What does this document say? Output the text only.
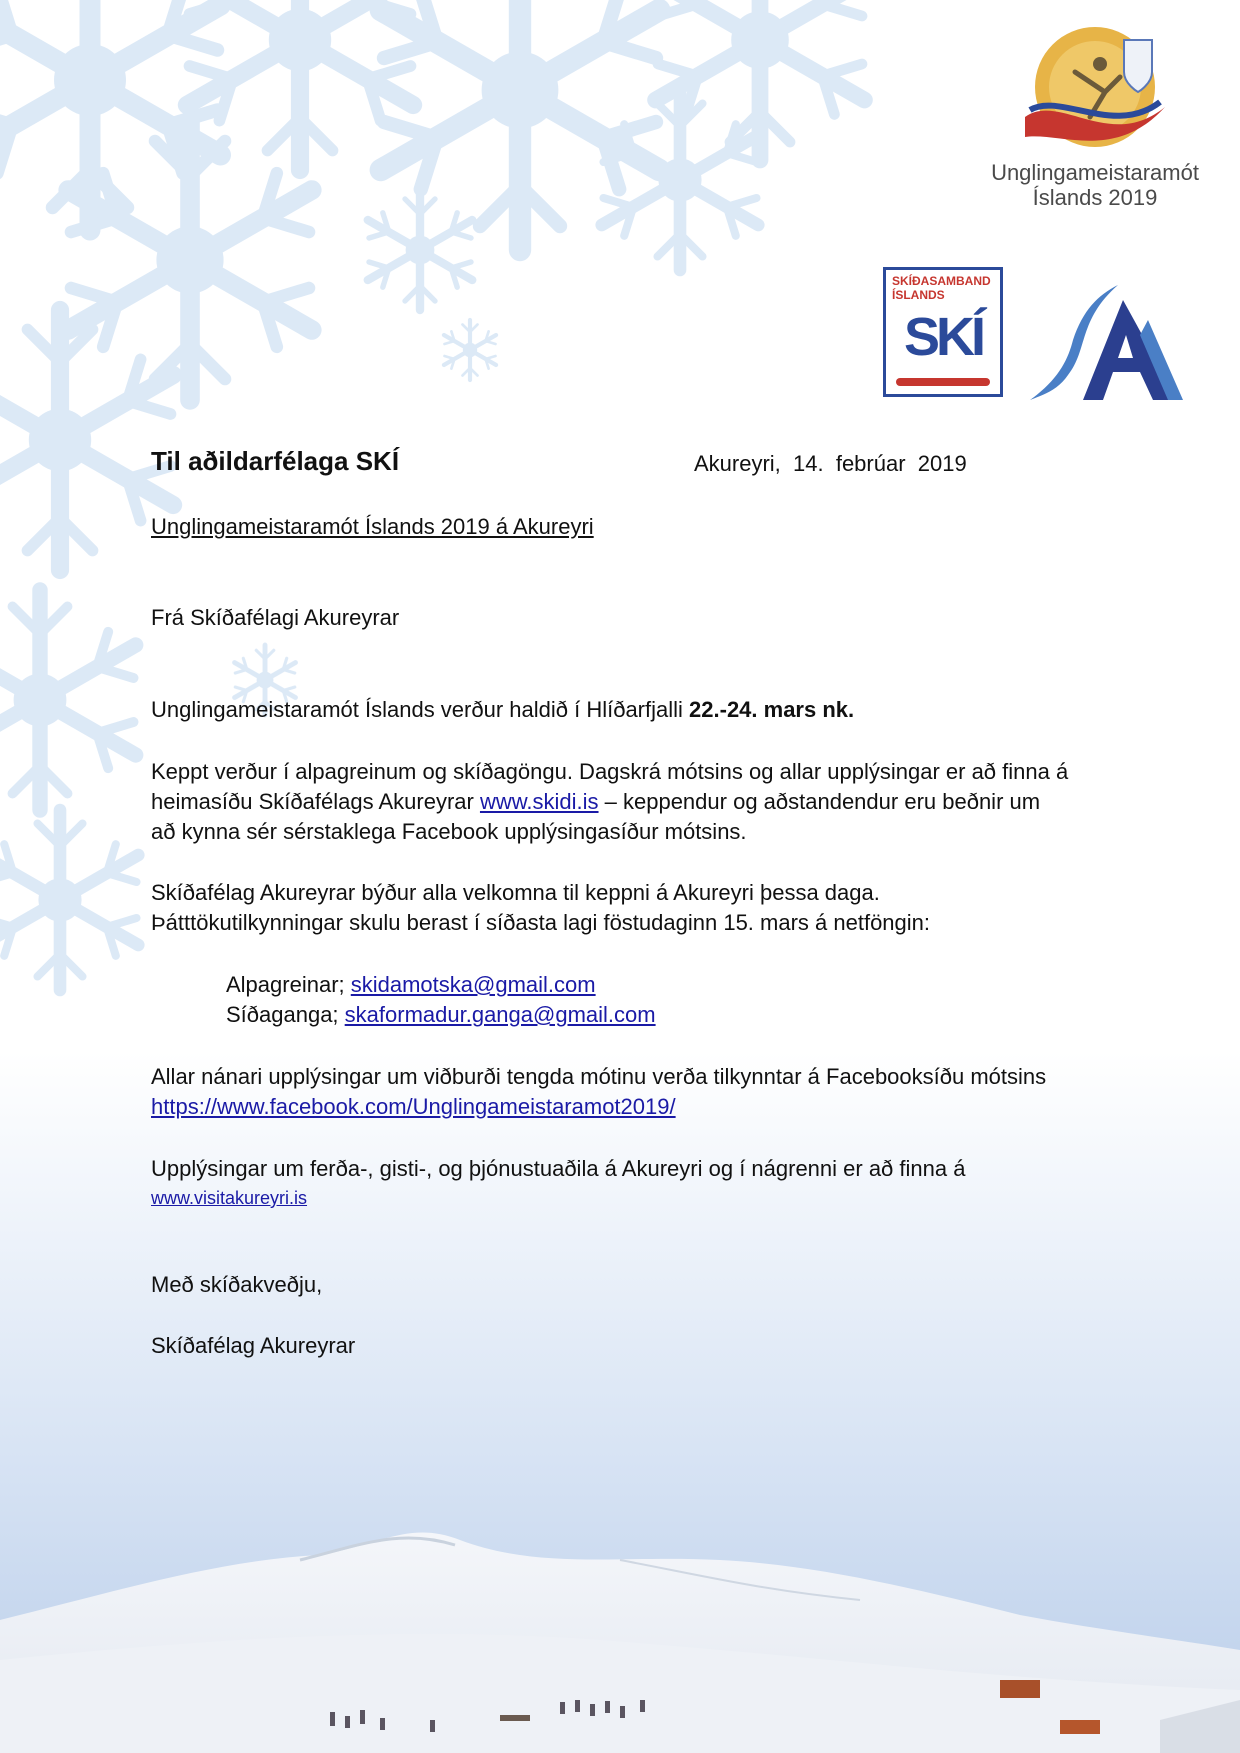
Unglingameistaramót
Íslands 2019
SKÍÐASAMBAND
ÍSLANDS
SKÍ
Til aðildarfélaga SKÍ	Akureyri,  14.  febrúar  2019
Unglingameistaramót Íslands 2019 á Akureyri
Frá Skíðafélagi Akureyrar
Unglingameistaramót Íslands verður haldið í Hlíðarfjalli 22.-24. mars nk.
Keppt verður í alpagreinum og skíðagöngu. Dagskrá mótsins og allar upplýsingar er að finna á
heimasíðu Skíðafélags Akureyrar www.skidi.is – keppendur og aðstandendur eru beðnir um
að kynna sér sérstaklega Facebook upplýsingasíður mótsins.
Skíðafélag Akureyrar býður alla velkomna til keppni á Akureyri þessa daga.
Þátttökutilkynningar skulu berast í síðasta lagi föstudaginn 15. mars á netföngin:
Alpagreinar; skidamotska@gmail.com
Síðaganga; skaformadur.ganga@gmail.com
Allar nánari upplýsingar um viðburði tengda mótinu verða tilkynntar á Facebooksíðu mótsins
https://www.facebook.com/Unglingameistaramot2019/
Upplýsingar um ferða-, gisti-, og þjónustuaðila á Akureyri og í nágrenni er að finna á
www.visitakureyri.is
Með skíðakveðju,
Skíðafélag Akureyrar
